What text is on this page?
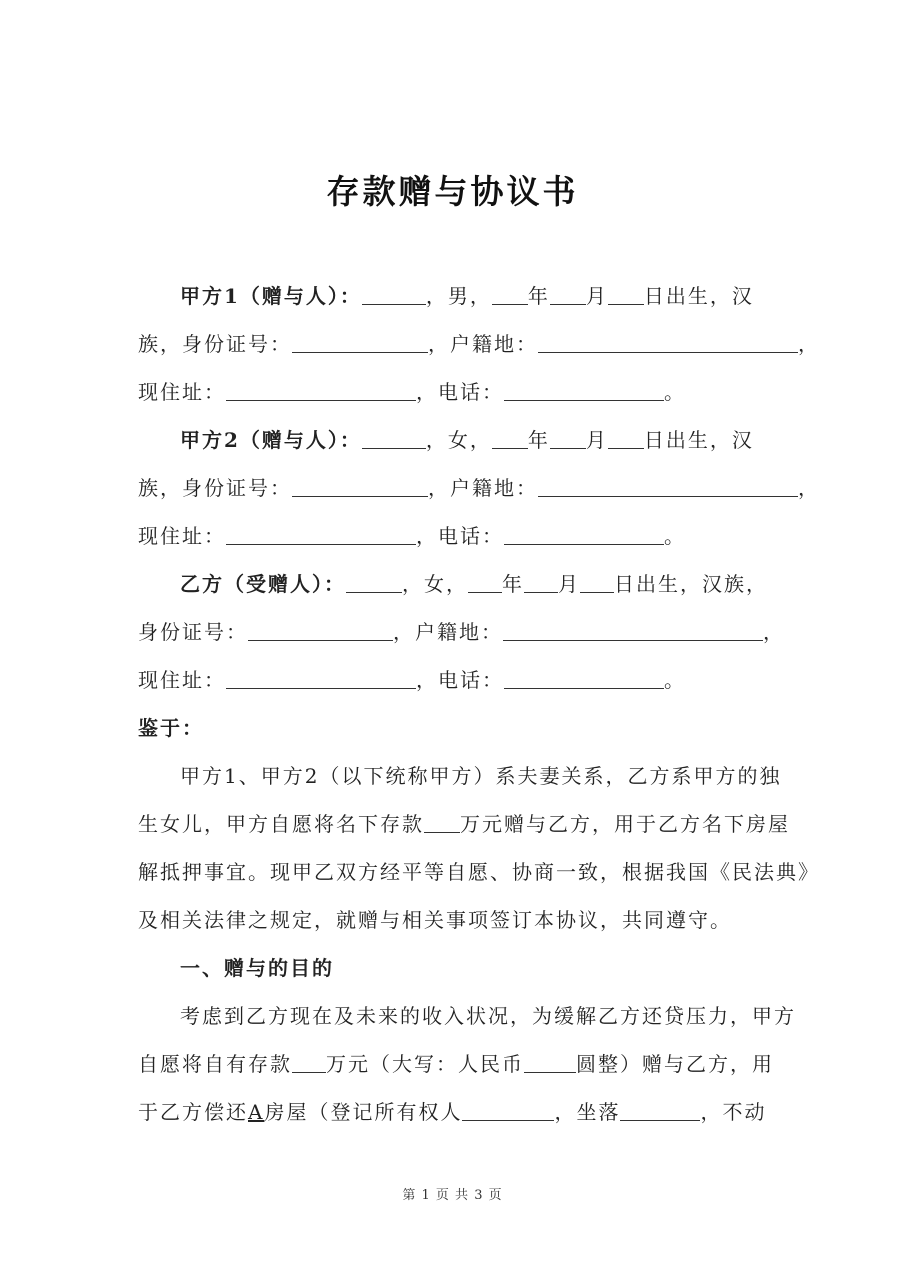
存款赠与协议书
甲方1（赠与人）：	，男， 年 月 日出生，汉
族，身份证号：	，户籍地：	，
现住址：	，电话：	。
甲方2（赠与人）：	，女， 年 月 日出生，汉
族，身份证号：	，户籍地：	，
现住址：	，电话：	。
乙方（受赠人）：	，女， 年 月 日出生，汉族，
身份证号：	，户籍地：	，
现住址：	，电话：	。
鉴于：
甲方1、甲方2（以下统称甲方）系夫妻关系，乙方系甲方的独
生女儿，甲方自愿将名下存款 万元赠与乙方，用于乙方名下房屋
解抵押事宜。现甲乙双方经平等自愿、协商一致，根据我国《民法典》
及相关法律之规定，就赠与相关事项签订本协议，共同遵守。
一、赠与的目的
考虑到乙方现在及未来的收入状况，为缓解乙方还贷压力，甲方
自愿将自有存款 万元（大写：人民币	圆整）赠与乙方，用
于乙方偿还A房屋（登记所有权人	，坐落	，不动
第 1 页 共 3 页
